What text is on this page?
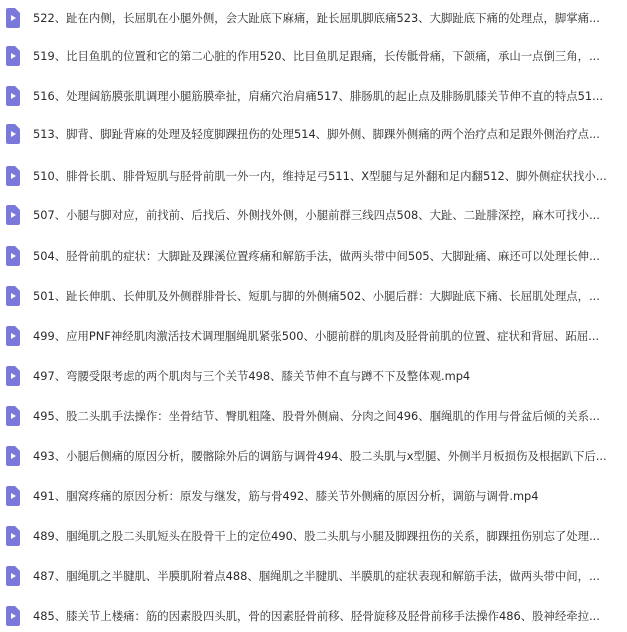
522、趾在内侧，长屈肌在小腿外侧，会大趾底下麻痛，趾长屈肌脚底痛523、大脚趾底下痛的处理点，脚掌痛...
519、比目鱼肌的位置和它的第二心脏的作用520、比目鱼肌足跟痛，长传骶骨痛，下颌痛，承山一点倒三角，...
516、处理阔筋膜张肌调理小腿筋膜牵扯，肩痛穴治肩痛517、腓肠肌的起止点及腓肠肌膝关节伸不直的特点51...
513、脚背、脚趾背麻的处理及轻度脚踝扭伤的处理514、脚外侧、脚踝外侧痛的两个治疗点和足跟外侧治疗点...
510、腓骨长肌、腓骨短肌与胫骨前肌一外一内，维持足弓511、X型腿与足外翻和足内翻512、脚外侧症状找小...
507、小腿与脚对应，前找前、后找后、外侧找外侧，小腿前群三线四点508、大趾、二趾腓深控，麻木可找小...
504、胫骨前肌的症状：大脚趾及踝溪位置疼痛和解筋手法，做两头带中间505、大脚趾痛、麻还可以处理长伸...
501、趾长伸肌、长伸肌及外侧群腓骨长、短肌与脚的外侧痛502、小腿后群：大脚趾底下痛、长屈肌处理点，...
499、应用PNF神经肌肉激活技术调理腘绳肌紧张500、小腿前群的肌肉及胫骨前肌的位置、症状和背屈、跖屈...
497、弯腰受限考虑的两个肌肉与三个关节498、膝关节伸不直与蹲不下及整体观.mp4
495、股二头肌手法操作：坐骨结节、臀肌粗隆、股骨外侧扁、分肉之间496、腘绳肌的作用与骨盆后倾的关系...
493、小腿后侧痛的原因分析，腰髂除外后的调筋与调骨494、股二头肌与x型腿、外侧半月板损伤及根据趴下后...
491、腘窝疼痛的原因分析：原发与继发，筋与骨492、膝关节外侧痛的原因分析，调筋与调骨.mp4
489、腘绳肌之股二头肌短头在股骨干上的定位490、股二头肌与小腿及脚踝扭伤的关系，脚踝扭伤别忘了处理...
487、腘绳肌之半腱肌、半膜肌附着点488、腘绳肌之半腱肌、半膜肌的症状表现和解筋手法，做两头带中间，...
485、膝关节上楼痛：筋的因素股四头肌，骨的因素胫骨前移、胫骨旋移及胫骨前移手法操作486、股神经牵拉...
